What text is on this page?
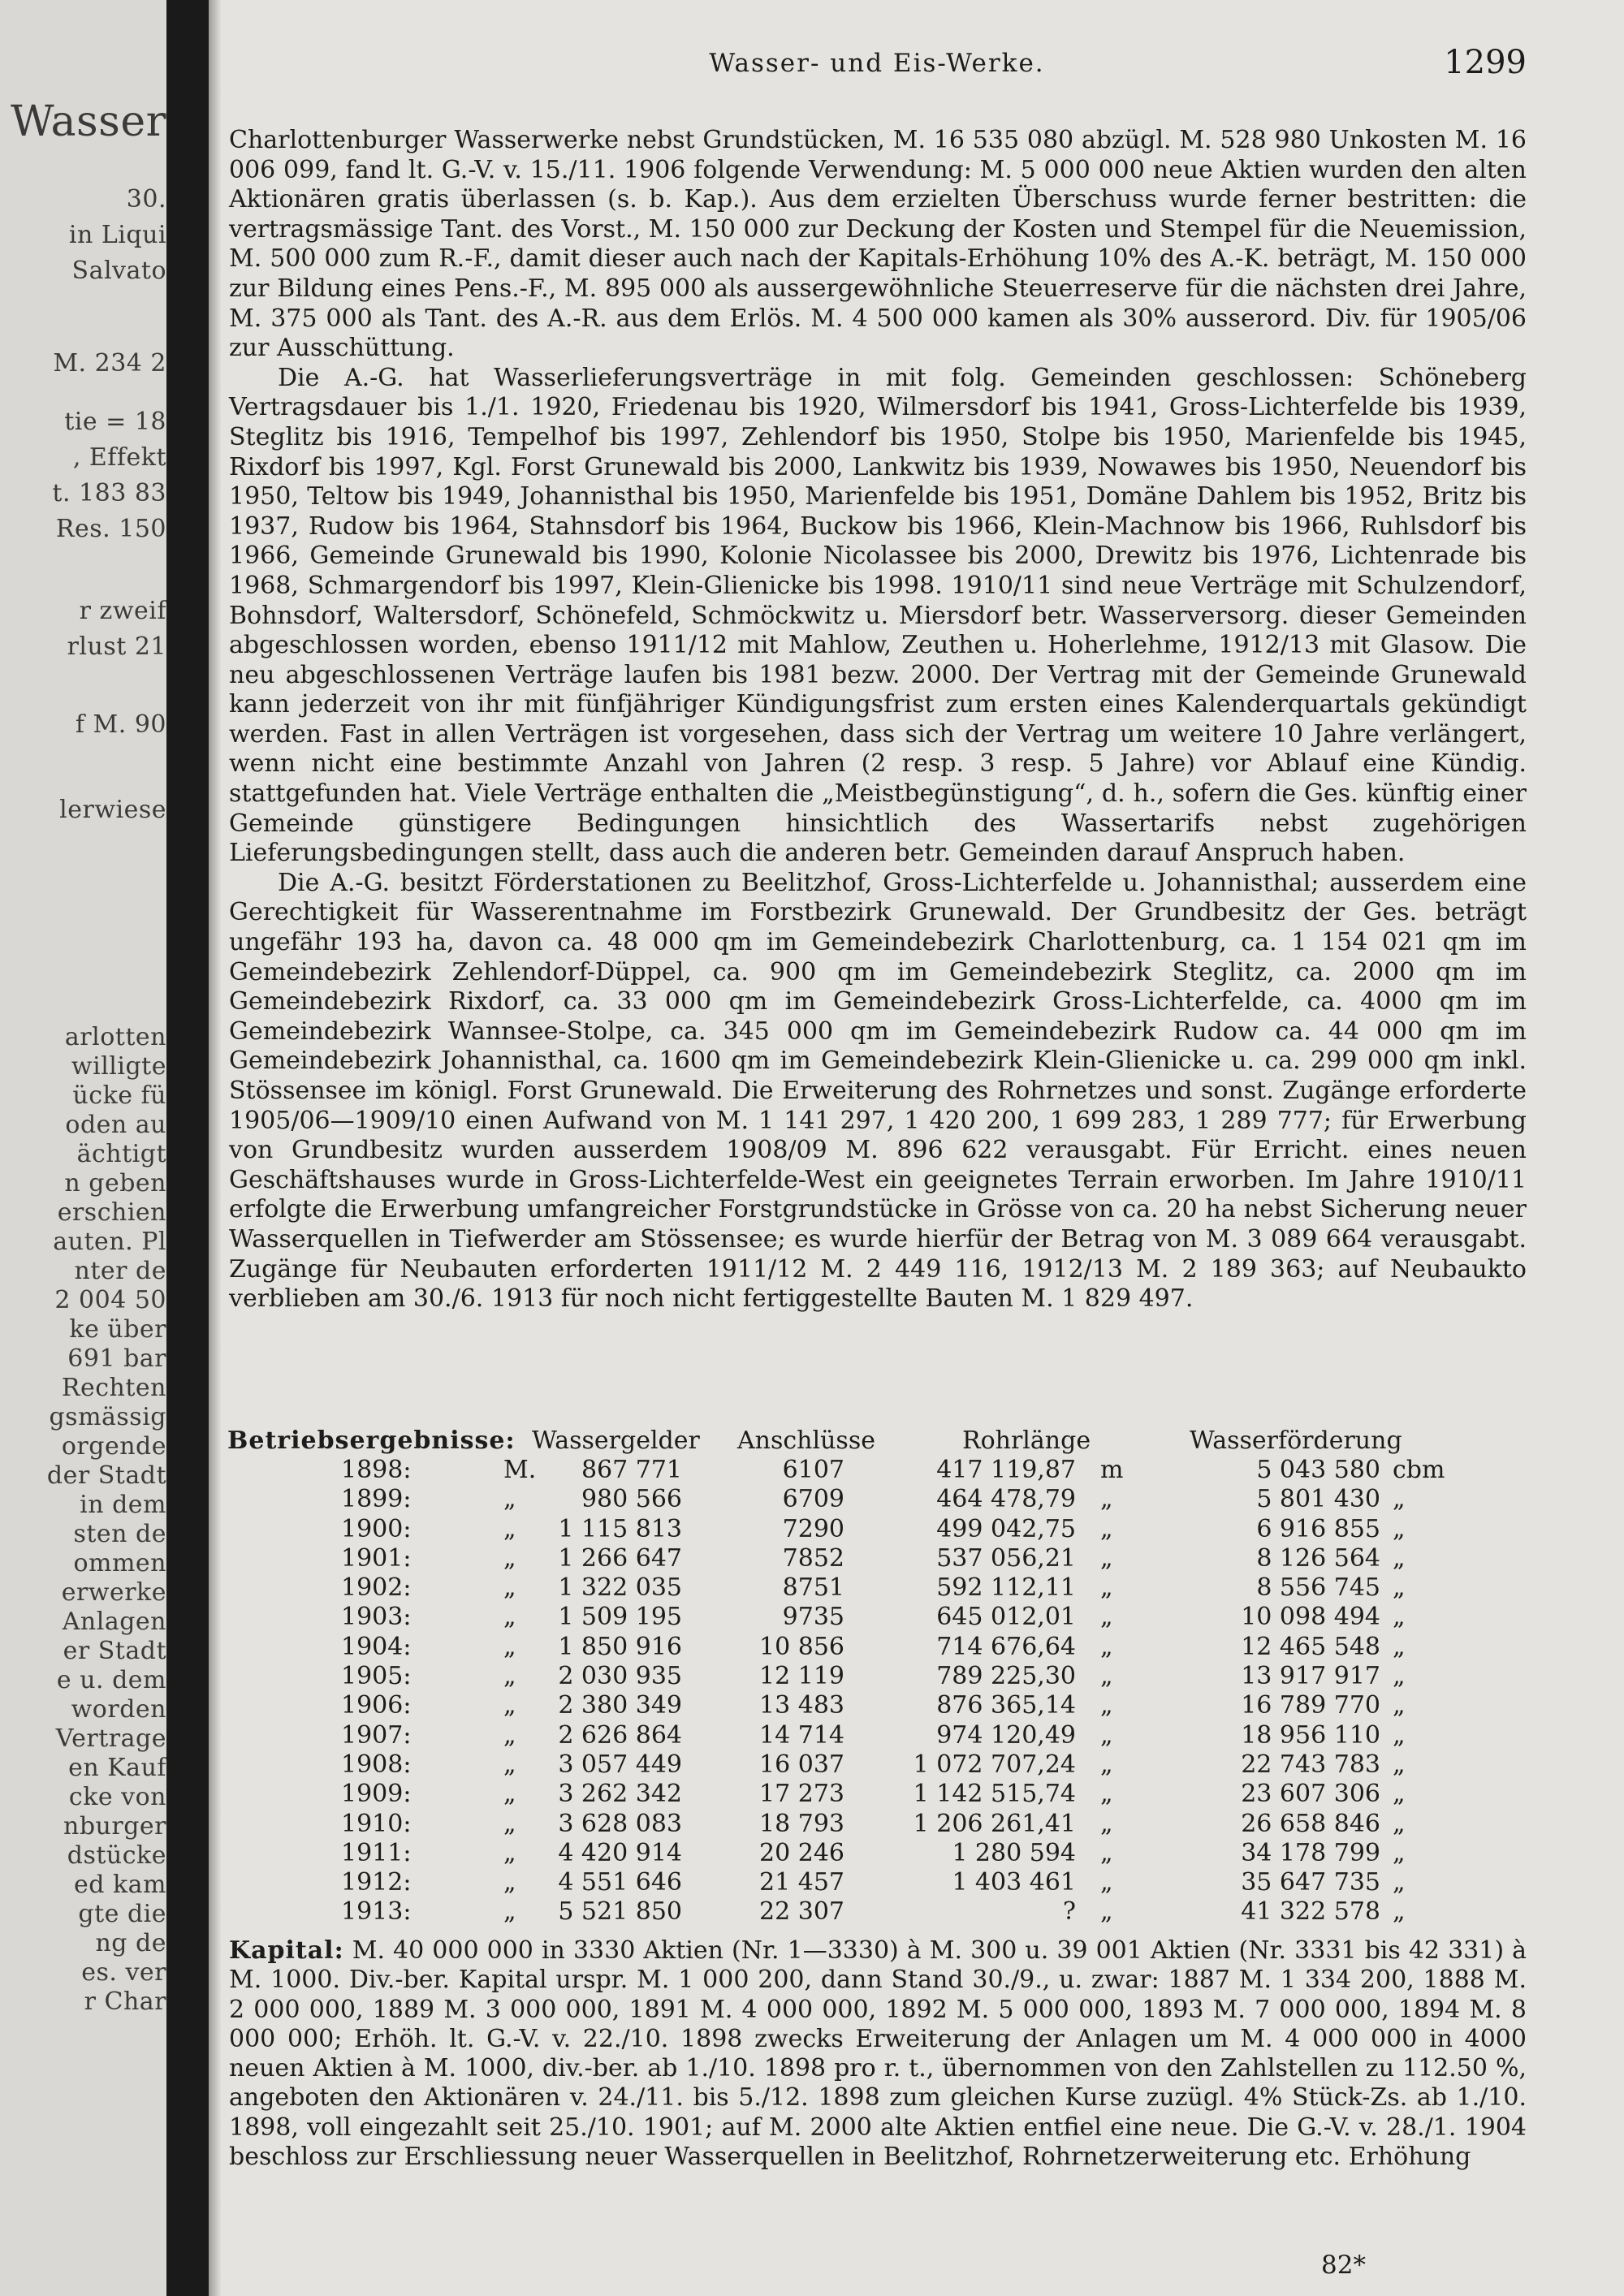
Wasser
30.
in Liqui
Salvato
M. 234 2
tie = 18
, Effekt
t. 183 83
Res. 150
r zweif
rlust 21
f M. 90
lerwiese
arlotten
willigte
ücke fü
oden au
ächtigt
n geben
erschien
auten. Pl
nter de
2 004 50
ke über
691 bar
Rechten
gsmässig
orgende
der Stadt
in dem
sten de
ommen
erwerke
Anlagen
er Stadt
e u. dem
worden
Vertrage
en Kauf
cke von
nburger
dstücke
ed kam
gte die
ng de
es. ver
r Char
Wasser- und Eis-Werke.	1299

Charlottenburger Wasserwerke nebst Grundstücken, M. 16 535 080 abzügl. M. 528 980 Unkosten M. 16 006 099, fand lt. G.-V. v. 15./11. 1906 folgende Verwendung: M. 5 000 000 neue Aktien wurden den alten Aktionären gratis überlassen (s. b. Kap.). Aus dem erzielten Überschuss wurde ferner bestritten: die vertragsmässige Tant. des Vorst., M. 150 000 zur Deckung der Kosten und Stempel für die Neuemission, M. 500 000 zum R.-F., damit dieser auch nach der Kapitals-Erhöhung 10% des A.-K. beträgt, M. 150 000 zur Bildung eines Pens.-F., M. 895 000 als aussergewöhnliche Steuerreserve für die nächsten drei Jahre, M. 375 000 als Tant. des A.-R. aus dem Erlös. M. 4 500 000 kamen als 30% ausserord. Div. für 1905/06 zur Ausschüttung.

Die A.-G. hat Wasserlieferungsverträge in mit folg. Gemeinden geschlossen: Schöneberg Vertragsdauer bis 1./1. 1920, Friedenau bis 1920, Wilmersdorf bis 1941, Gross-Lichterfelde bis 1939, Steglitz bis 1916, Tempelhof bis 1997, Zehlendorf bis 1950, Stolpe bis 1950, Marienfelde bis 1945, Rixdorf bis 1997, Kgl. Forst Grunewald bis 2000, Lankwitz bis 1939, Nowawes bis 1950, Neuendorf bis 1950, Teltow bis 1949, Johannisthal bis 1950, Marienfelde bis 1951, Domäne Dahlem bis 1952, Britz bis 1937, Rudow bis 1964, Stahnsdorf bis 1964, Buckow bis 1966, Klein-Machnow bis 1966, Ruhlsdorf bis 1966, Gemeinde Grunewald bis 1990, Kolonie Nicolassee bis 2000, Drewitz bis 1976, Lichtenrade bis 1968, Schmargendorf bis 1997, Klein-Glienicke bis 1998. 1910/11 sind neue Verträge mit Schulzendorf, Bohnsdorf, Waltersdorf, Schönefeld, Schmöckwitz u. Miersdorf betr. Wasserversorg. dieser Gemeinden abgeschlossen worden, ebenso 1911/12 mit Mahlow, Zeuthen u. Hoherlehme, 1912/13 mit Glasow. Die neu abgeschlossenen Verträge laufen bis 1981 bezw. 2000. Der Vertrag mit der Gemeinde Grunewald kann jederzeit von ihr mit fünfjähriger Kündigungsfrist zum ersten eines Kalenderquartals gekündigt werden. Fast in allen Verträgen ist vorgesehen, dass sich der Vertrag um weitere 10 Jahre verlängert, wenn nicht eine bestimmte Anzahl von Jahren (2 resp. 3 resp. 5 Jahre) vor Ablauf eine Kündig. stattgefunden hat. Viele Verträge enthalten die „Meistbegünstigung“, d. h., sofern die Ges. künftig einer Gemeinde günstigere Bedingungen hinsichtlich des Wassertarifs nebst zugehörigen Lieferungsbedingungen stellt, dass auch die anderen betr. Gemeinden darauf Anspruch haben.

Die A.-G. besitzt Förderstationen zu Beelitzhof, Gross-Lichterfelde u. Johannisthal; ausserdem eine Gerechtigkeit für Wasserentnahme im Forstbezirk Grunewald. Der Grundbesitz der Ges. beträgt ungefähr 193 ha, davon ca. 48 000 qm im Gemeindebezirk Charlottenburg, ca. 1 154 021 qm im Gemeindebezirk Zehlendorf-Düppel, ca. 900 qm im Gemeindebezirk Steglitz, ca. 2000 qm im Gemeindebezirk Rixdorf, ca. 33 000 qm im Gemeindebezirk Gross-Lichterfelde, ca. 4000 qm im Gemeindebezirk Wannsee-Stolpe, ca. 345 000 qm im Gemeindebezirk Rudow ca. 44 000 qm im Gemeindebezirk Johannisthal, ca. 1600 qm im Gemeindebezirk Klein-Glienicke u. ca. 299 000 qm inkl. Stössensee im königl. Forst Grunewald. Die Erweiterung des Rohrnetzes und sonst. Zugänge erforderte 1905/06—1909/10 einen Aufwand von M. 1 141 297, 1 420 200, 1 699 283, 1 289 777; für Erwerbung von Grundbesitz wurden ausserdem 1908/09 M. 896 622 verausgabt. Für Erricht. eines neuen Geschäftshauses wurde in Gross-Lichterfelde-West ein geeignetes Terrain erworben. Im Jahre 1910/11 erfolgte die Erwerbung umfangreicher Forstgrundstücke in Grösse von ca. 20 ha nebst Sicherung neuer Wasserquellen in Tiefwerder am Stössensee; es wurde hierfür der Betrag von M. 3 089 664 verausgabt. Zugänge für Neubauten erforderten 1911/12 M. 2 449 116, 1912/13 M. 2 189 363; auf Neubaukto verblieben am 30./6. 1913 für noch nicht fertiggestellte Bauten M. 1 829 497.

Betriebsergebnisse: Wassergelder Anschlüsse	Rohrlänge	Wasserförderung
1898:	M.	867 771	6107	417 119,87 m	5 043 580 cbm
1899:	„	980 566	6709	464 478,79 „	5 801 430 „
1900:	„	1 115 813	7290	499 042,75 „	6 916 855 „
1901:	„	1 266 647	7852	537 056,21 „	8 126 564 „
1902:	„	1 322 035	8751	592 112,11 „	8 556 745 „
1903:	„	1 509 195	9735	645 012,01 „	10 098 494 „
1904:	„	1 850 916	10 856	714 676,64 „	12 465 548 „
1905:	„	2 030 935	12 119	789 225,30 „	13 917 917 „
1906:	„	2 380 349	13 483	876 365,14 „	16 789 770 „
1907:	„	2 626 864	14 714	974 120,49 „	18 956 110 „
1908:	„	3 057 449	16 037	1 072 707,24 „	22 743 783 „
1909:	„	3 262 342	17 273	1 142 515,74 „	23 607 306 „
1910:	„	3 628 083	18 793	1 206 261,41 „	26 658 846 „
1911:	„	4 420 914	20 246	1 280 594 „	34 178 799 „
1912:	„	4 551 646	21 457	1 403 461 „	35 647 735 „
1913:	„	5 521 850	22 307	? „	41 322 578 „

Kapital: M. 40 000 000 in 3330 Aktien (Nr. 1—3330) à M. 300 u. 39 001 Aktien (Nr. 3331 bis 42 331) à M. 1000. Div.-ber. Kapital urspr. M. 1 000 200, dann Stand 30./9., u. zwar: 1887 M. 1 334 200, 1888 M. 2 000 000, 1889 M. 3 000 000, 1891 M. 4 000 000, 1892 M. 5 000 000, 1893 M. 7 000 000, 1894 M. 8 000 000; Erhöh. lt. G.-V. v. 22./10. 1898 zwecks Erweiterung der Anlagen um M. 4 000 000 in 4000 neuen Aktien à M. 1000, div.-ber. ab 1./10. 1898 pro r. t., übernommen von den Zahlstellen zu 112.50 %, angeboten den Aktionären v. 24./11. bis 5./12. 1898 zum gleichen Kurse zuzügl. 4% Stück-Zs. ab 1./10. 1898, voll eingezahlt seit 25./10. 1901; auf M. 2000 alte Aktien entfiel eine neue. Die G.-V. v. 28./1. 1904 beschloss zur Erschliessung neuer Wasserquellen in Beelitzhof, Rohrnetzerweiterung etc. Erhöhung

82*
